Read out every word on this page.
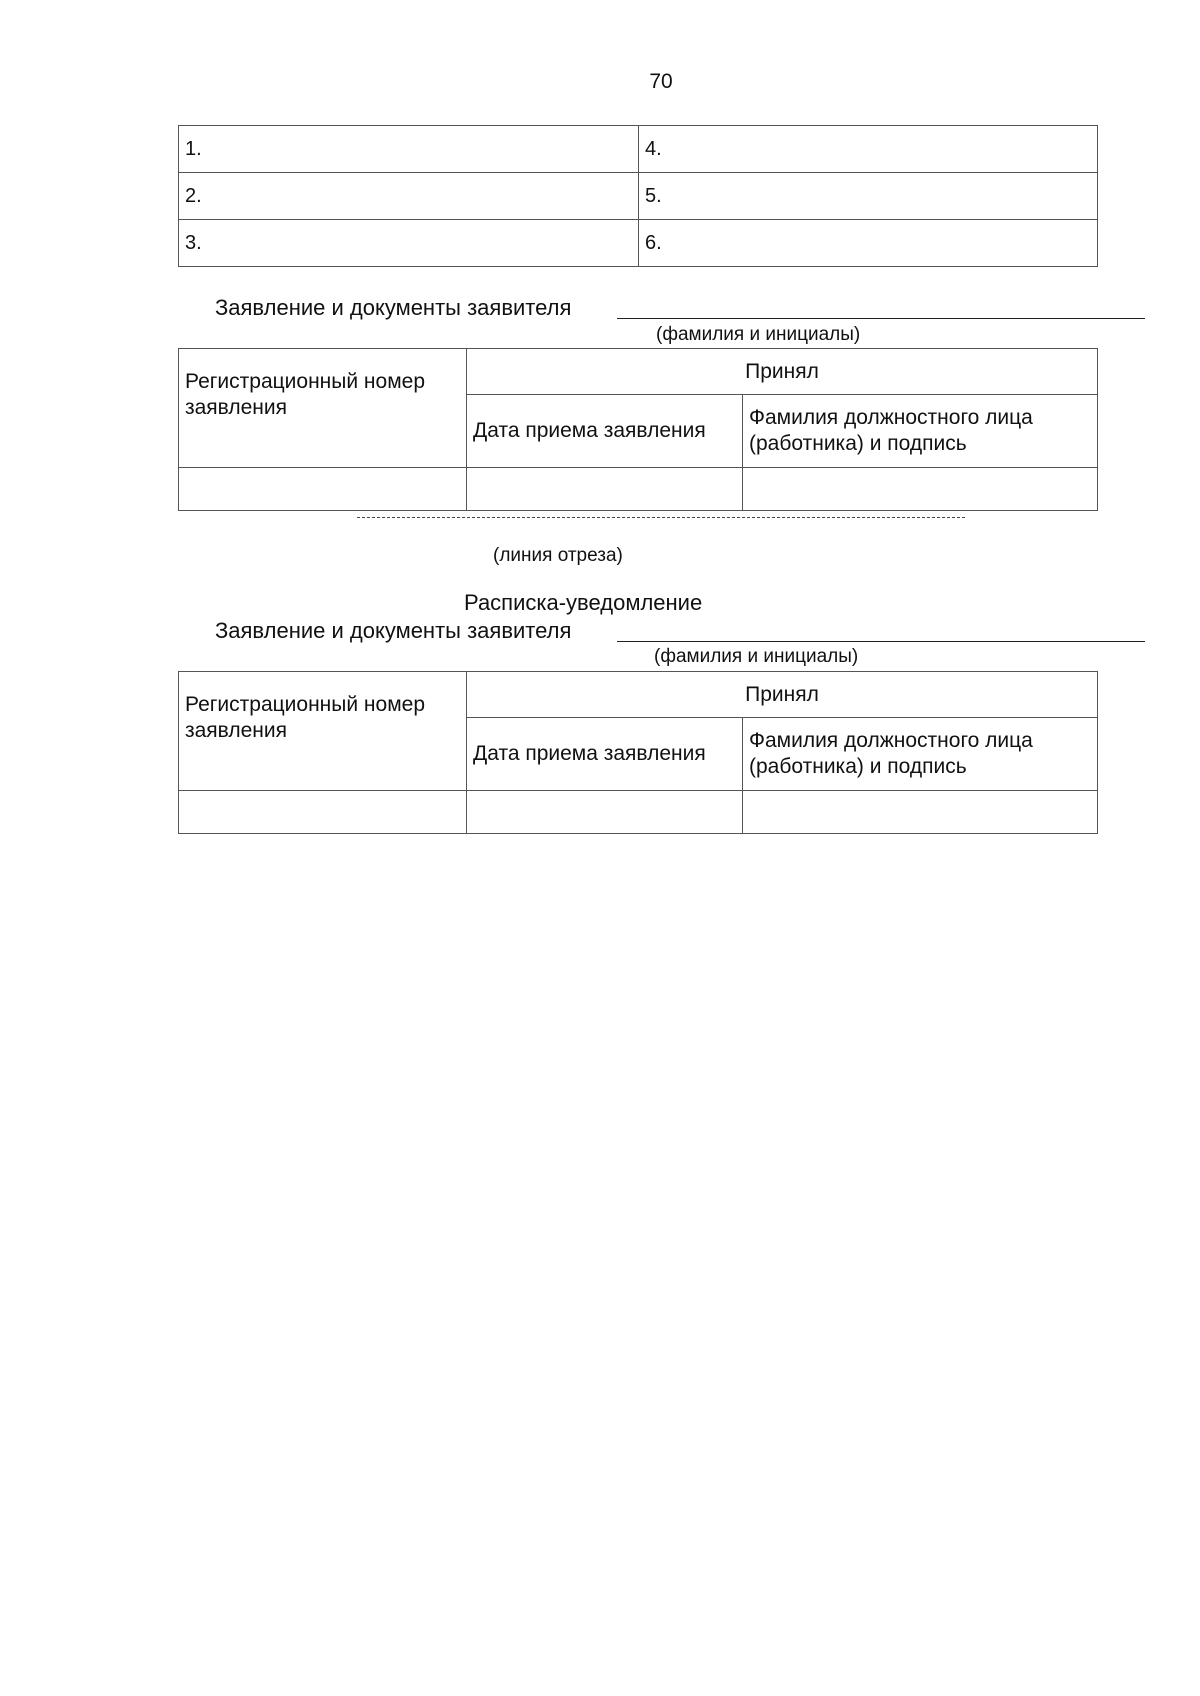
70
1.	4.
2.	5.
3.	6.
Заявление и документы заявителя
(фамилия и инициалы)
Регистрационный номер заявления	Принял	
	Дата приема заявления	Фамилия должностного лица (работника) и подпись

(линия отреза)
Расписка-уведомление
Заявление и документы заявителя
(фамилия и инициалы)
Регистрационный номер заявления	Принял	
	Дата приема заявления	Фамилия должностного лица (работника) и подпись
